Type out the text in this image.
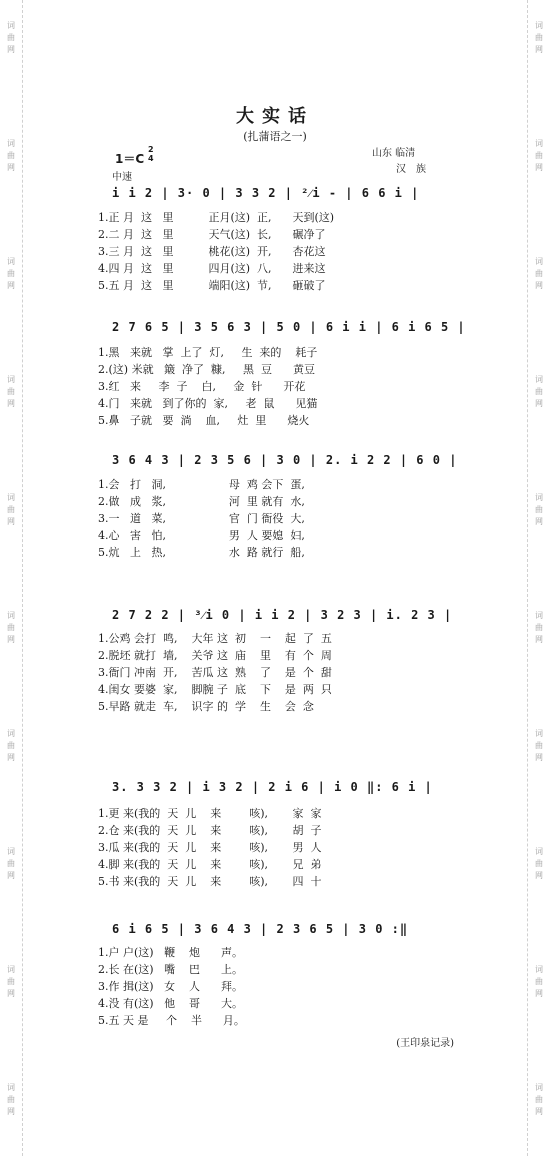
词
曲
网
词
曲
网
词
曲
网
词
曲
网
词
曲
网
词
曲
网
词
曲
网
词
曲
网
词
曲
网
词
曲
网
词
曲
网
词
曲
网
词
曲
网
词
曲
网
词
曲
网
词
曲
网
词
曲
网
词
曲
网
词
曲
网
词
曲
网
大实话
(扎蒲语之一)
山东 临清
汉族
1＝C
2
4
中速
i i 2 | 3· 0 | 3 3 2 | ²⁄i - | 6 6 i |
1.正 月  这   里          正月(这)  正,      天到(这)
2.二 月  这   里          天气(这)  长,      碾净了
3.三 月  这   里          桃花(这)  开,      杏花这
4.四 月  这   里          四月(这)  八,      进来这
5.五 月  这   里          端阳(这)  节,      砸破了
2 7 6 5 | 3 5 6 3 | 5 0 | 6 i i | 6 i 6 5 |
1.黑   来就   掌  上了  灯,     生  来的    耗子
2.(这) 米就   簸  净了  糠,     黑  豆      黄豆
3.红   来     李  子    白,     金  针      开花
4.门   来就   到了你的  家,     老  鼠      见猫
5.鼻   子就   要  淌    血,     灶  里      烧火
3 6 4 3 | 2 3 5 6 | 3 0 | 2. i 2 2 | 6 0 |
1.会   打   洞,                  母  鸡 会下  蛋,
2.做   成   浆,                  河  里 就有  水,
3.一   道   菜,                  官  门 衙役  大,
4.心   害   怕,                  男  人 要媳  妇,
5.炕   上   热,                  水  路 就行  船,
2 7 2 2 | ³⁄i 0 | i i 2 | 3 2 3 | i. 2 3 |
1.公鸡 会打  鸣,    大年 这  初    一    起  了  五
2.脱坯 就打  墙,    关爷 这  庙    里    有  个  周
3.衙门 冲南  开,    苦瓜 这  熟    了    是  个  甜
4.闺女 要婆  家,    脚腕 子  底    下    是  两  只
5.早路 就走  车,    识字 的  学    生    会  念
3. 3 3 2 | i 3 2 | 2 i 6 | i 0 ‖: 6 i |
1.更 来(我的  天  儿    来        咳),       家  家
2.仓 来(我的  天  儿    来        咳),       胡  子
3.瓜 来(我的  天  儿    来        咳),       男  人
4.脚 来(我的  天  儿    来        咳),       兄  弟
5.书 来(我的  天  儿    来        咳),       四  十
6 i 6 5 | 3 6 4 3 | 2 3 6 5 | 3 0 :‖
1.户 户(这)   鞭    炮      声。
2.长 在(这)   嘴    巴      上。
3.作 揖(这)   女    人      拜。
4.没 有(这)   他    哥      大。
5.五 天 是     个    半      月。
(王印泉记录)
